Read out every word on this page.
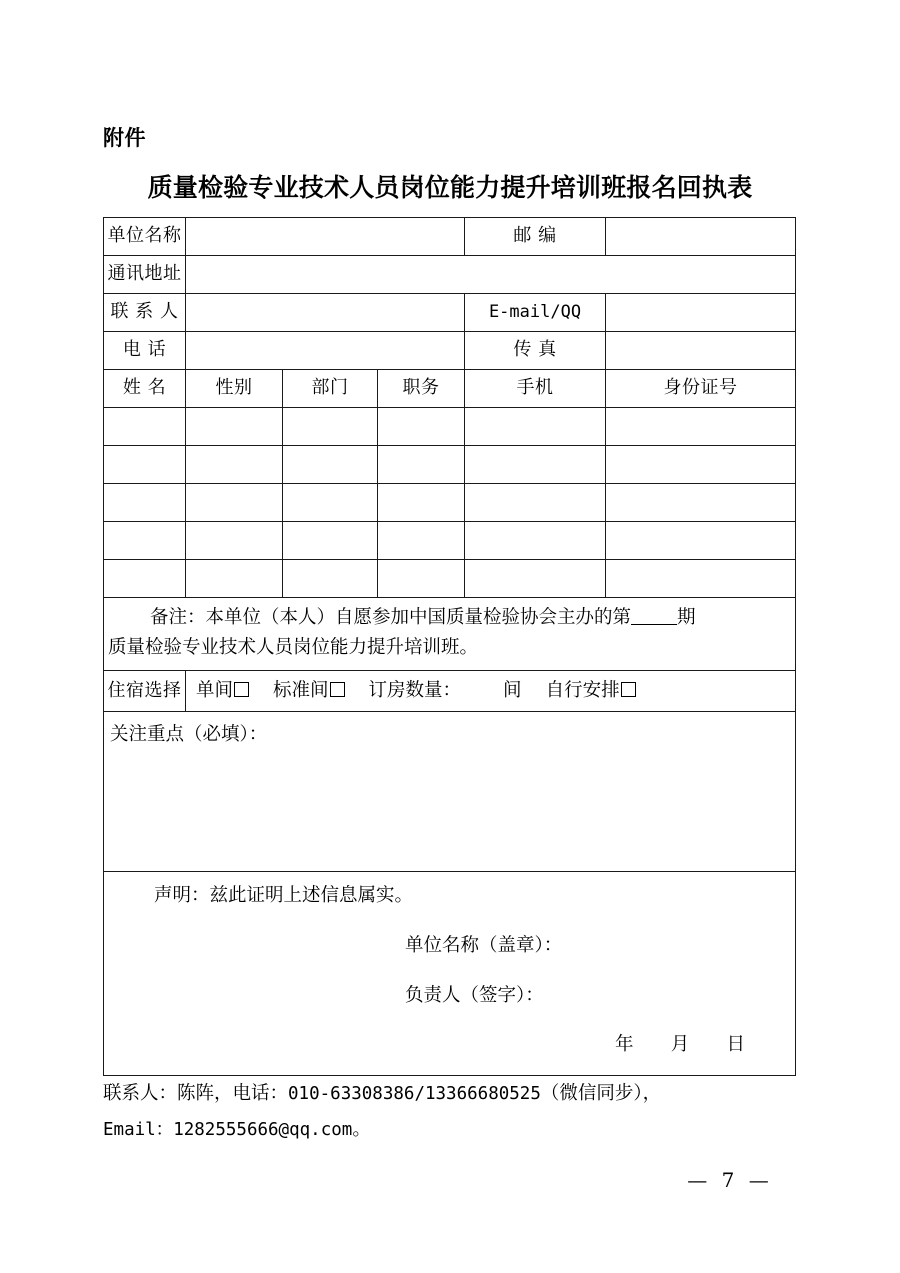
附件
质量检验专业技术人员岗位能力提升培训班报名回执表
单位名称				邮 编	
通讯地址					
联 系 人				E-mail/QQ	
电 话				传 真	
姓 名	性别	部门	职务	手机	身份证号

备注：本单位（本人）自愿参加中国质量检验协会主办的第 期
质量检验专业技术人员岗位能力提升培训班。					
住宿选择	单间 标准间 订房数量： 间 自行安排				
关注重点（必填）：					

声明：兹此证明上述信息属实。
单位名称（盖章）：
负责人（签字）：
年月日					
联系人：陈阵，电话：010-63308386/13366680525（微信同步），
Email：1282555666@qq.com。
— 7 —
